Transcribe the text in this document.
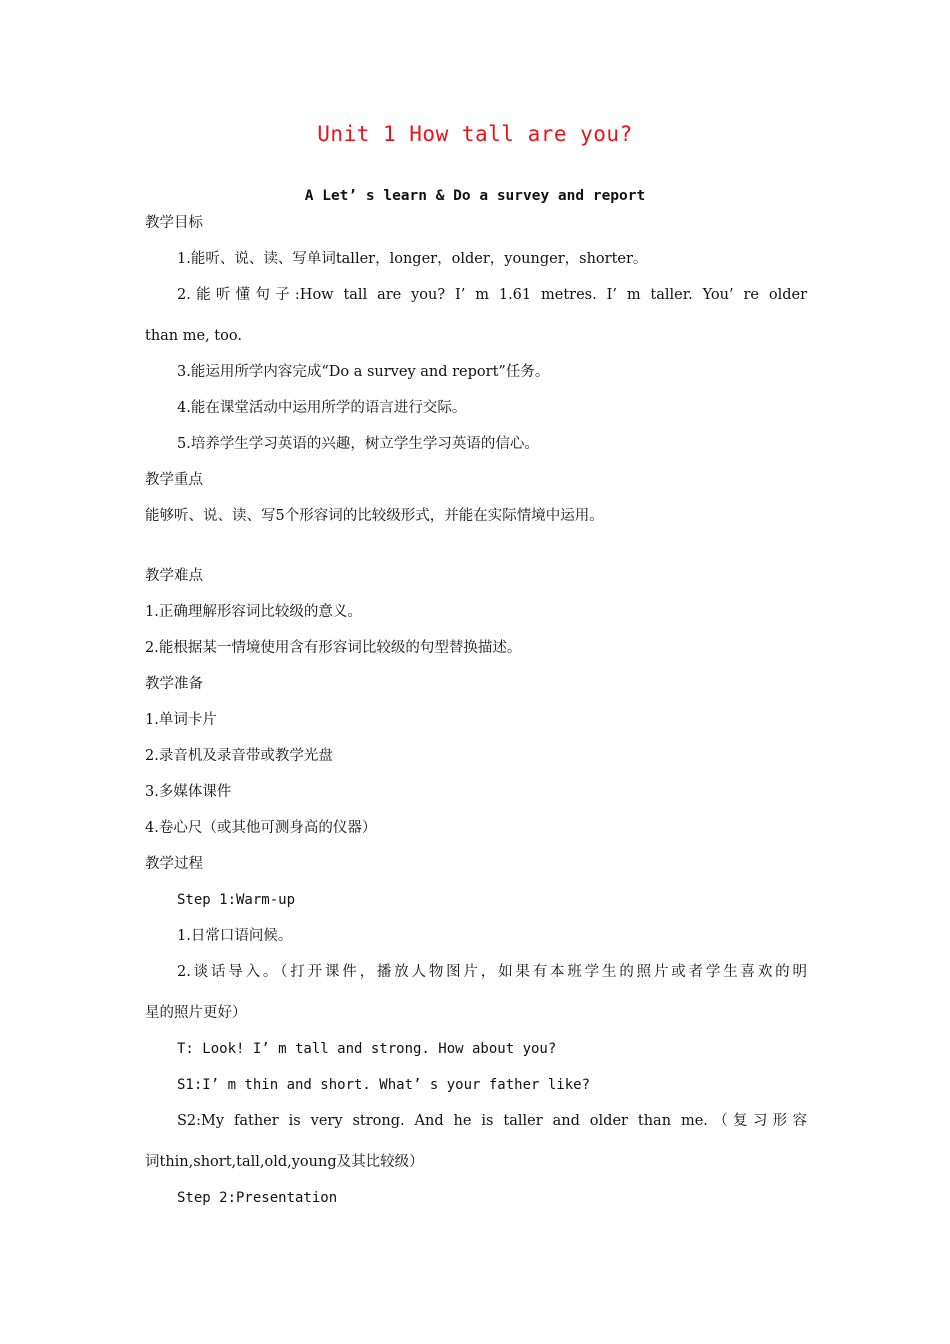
Unit 1 How tall are you?
A Let’ s learn & Do a survey and report
教学目标
1.能听、说、读、写单词taller，longer，older，younger，shorter。
2.能听懂句子:How tall are you? I’ m 1.61 metres. I’ m taller. You’ re older
than me, too.
3.能运用所学内容完成“Do a survey and report”任务。
4.能在课堂活动中运用所学的语言进行交际。
5.培养学生学习英语的兴趣，树立学生学习英语的信心。
教学重点
能够听、说、读、写5个形容词的比较级形式，并能在实际情境中运用。
教学难点
1.正确理解形容词比较级的意义。
2.能根据某一情境使用含有形容词比较级的句型替换描述。
教学准备
1.单词卡片
2.录音机及录音带或教学光盘
3.多媒体课件
4.卷心尺（或其他可测身高的仪器）
教学过程
Step 1:Warm-up
1.日常口语问候。
2.谈话导入。（打开课件，播放人物图片，如果有本班学生的照片或者学生喜欢的明
星的照片更好）
T: Look! I’ m tall and strong. How about you?
S1:I’ m thin and short. What’ s your father like?
S2:My father is very strong. And he is taller and older than me.（复习形容
词thin,short,tall,old,young及其比较级）
Step 2:Presentation
